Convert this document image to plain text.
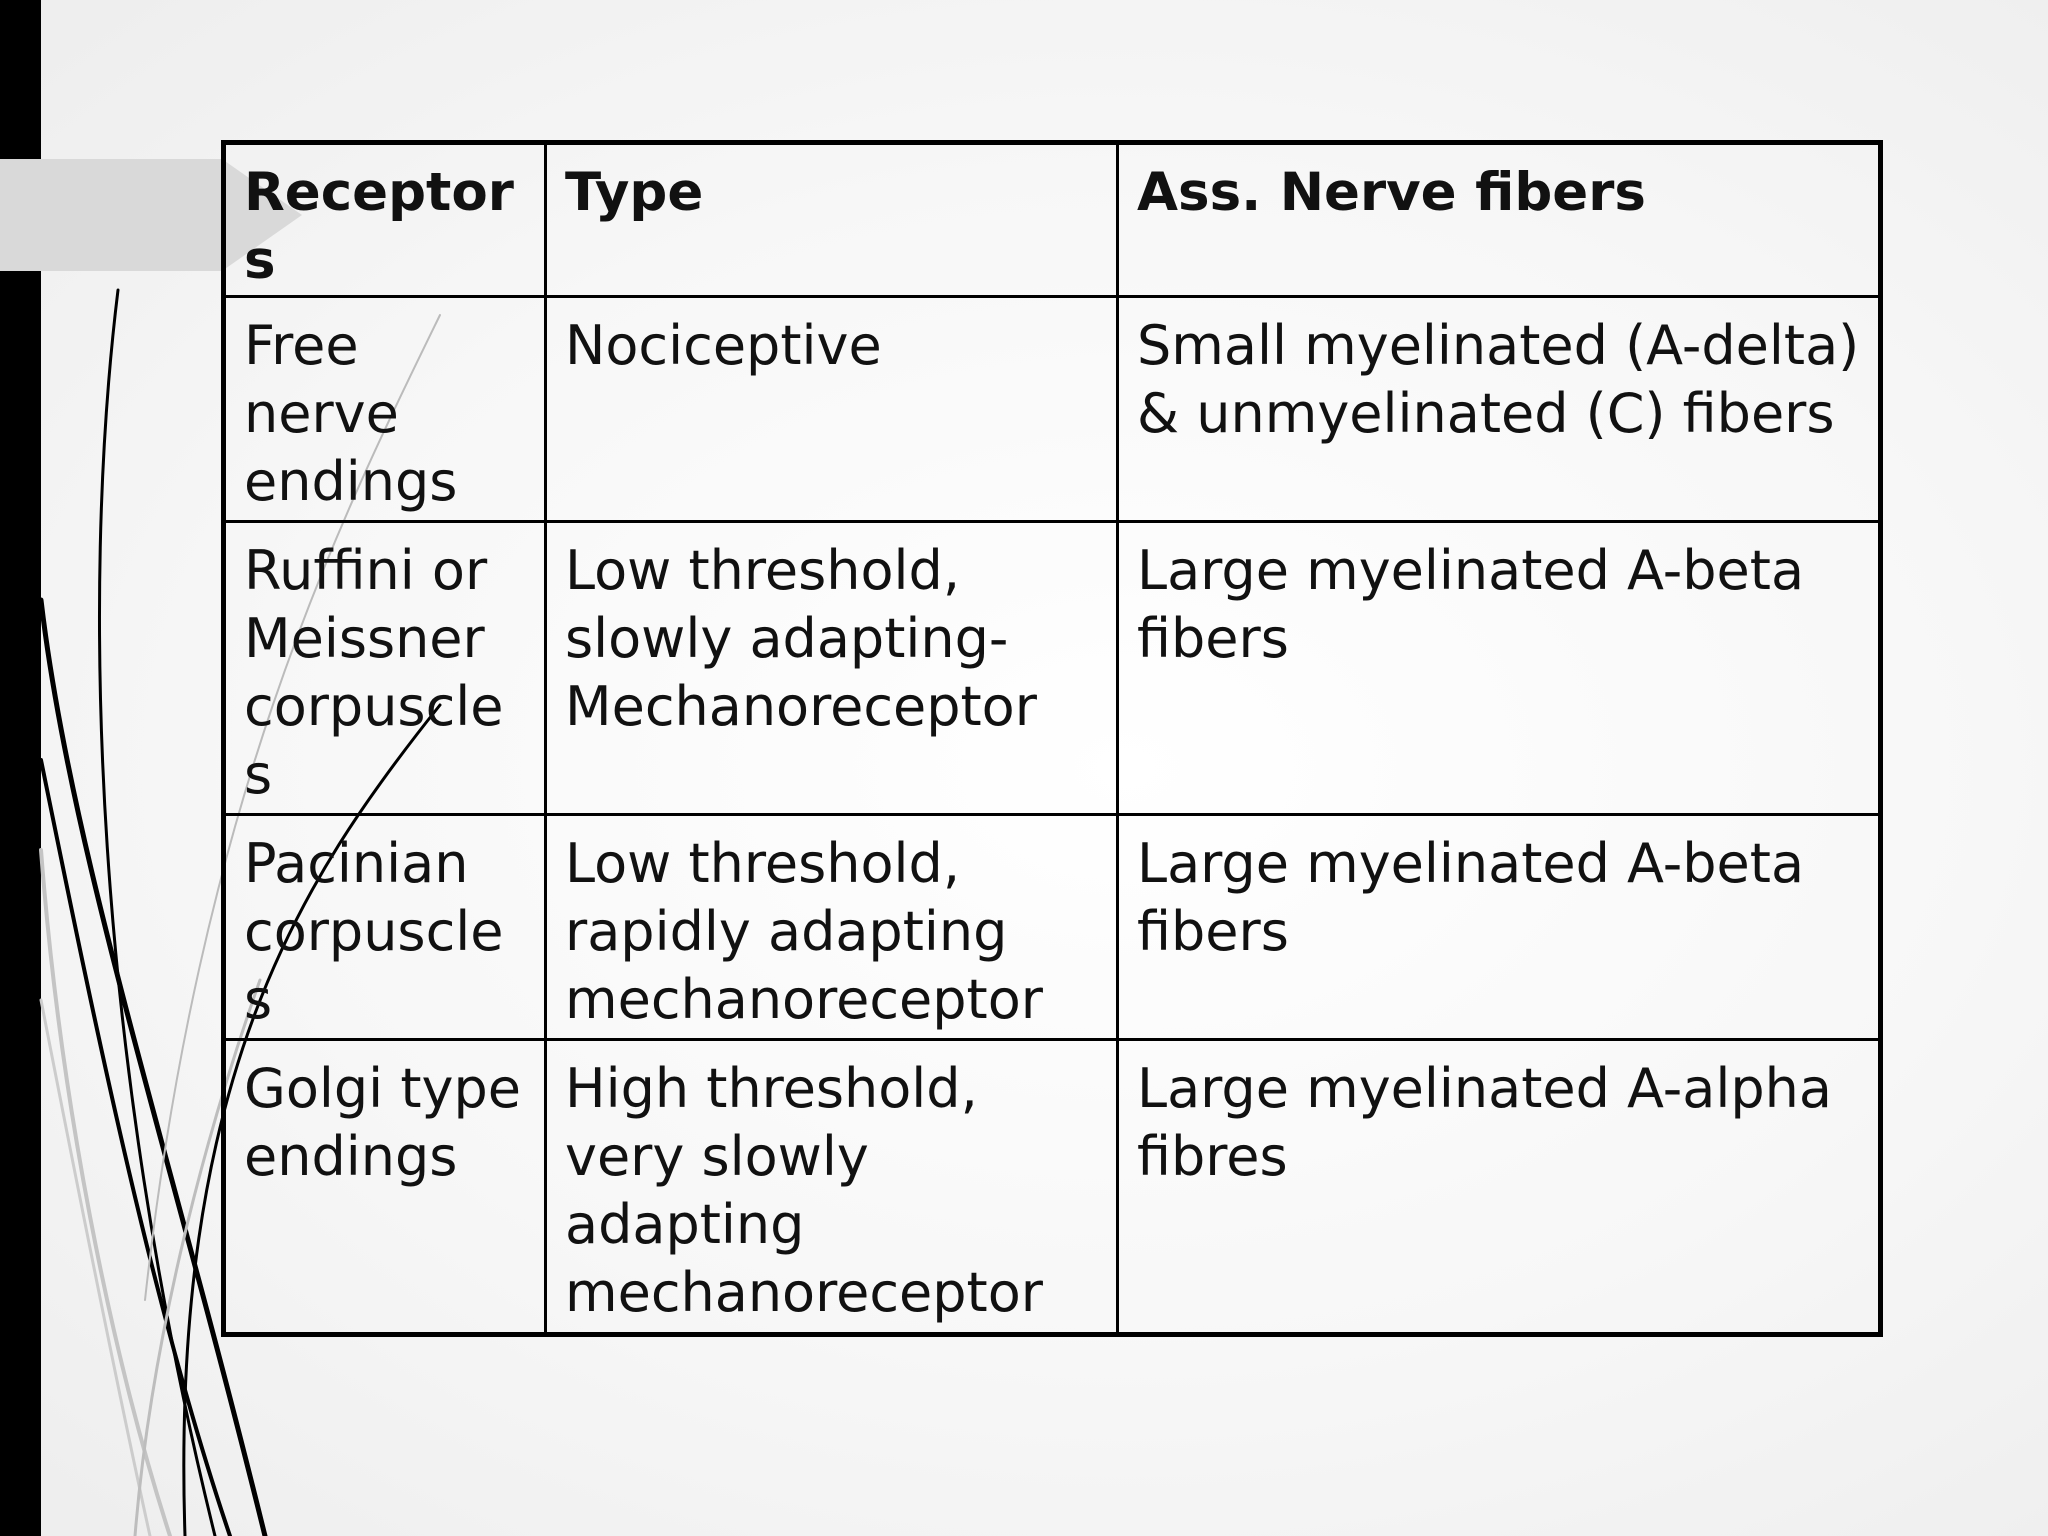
Receptors	Type	Ass. Nerve fibers
Free nerve endings	Nociceptive	Small myelinated (A-delta) & unmyelinated (C) fibers
Ruffini or Meissner corpuscles	Low threshold, slowly adapting-Mechanoreceptor	Large myelinated A-beta fibers
Pacinian corpuscles	Low threshold, rapidly adapting mechanoreceptor	Large myelinated A-beta fibers
Golgi type endings	High threshold, very slowly adapting mechanoreceptor	Large myelinated A-alpha fibres
